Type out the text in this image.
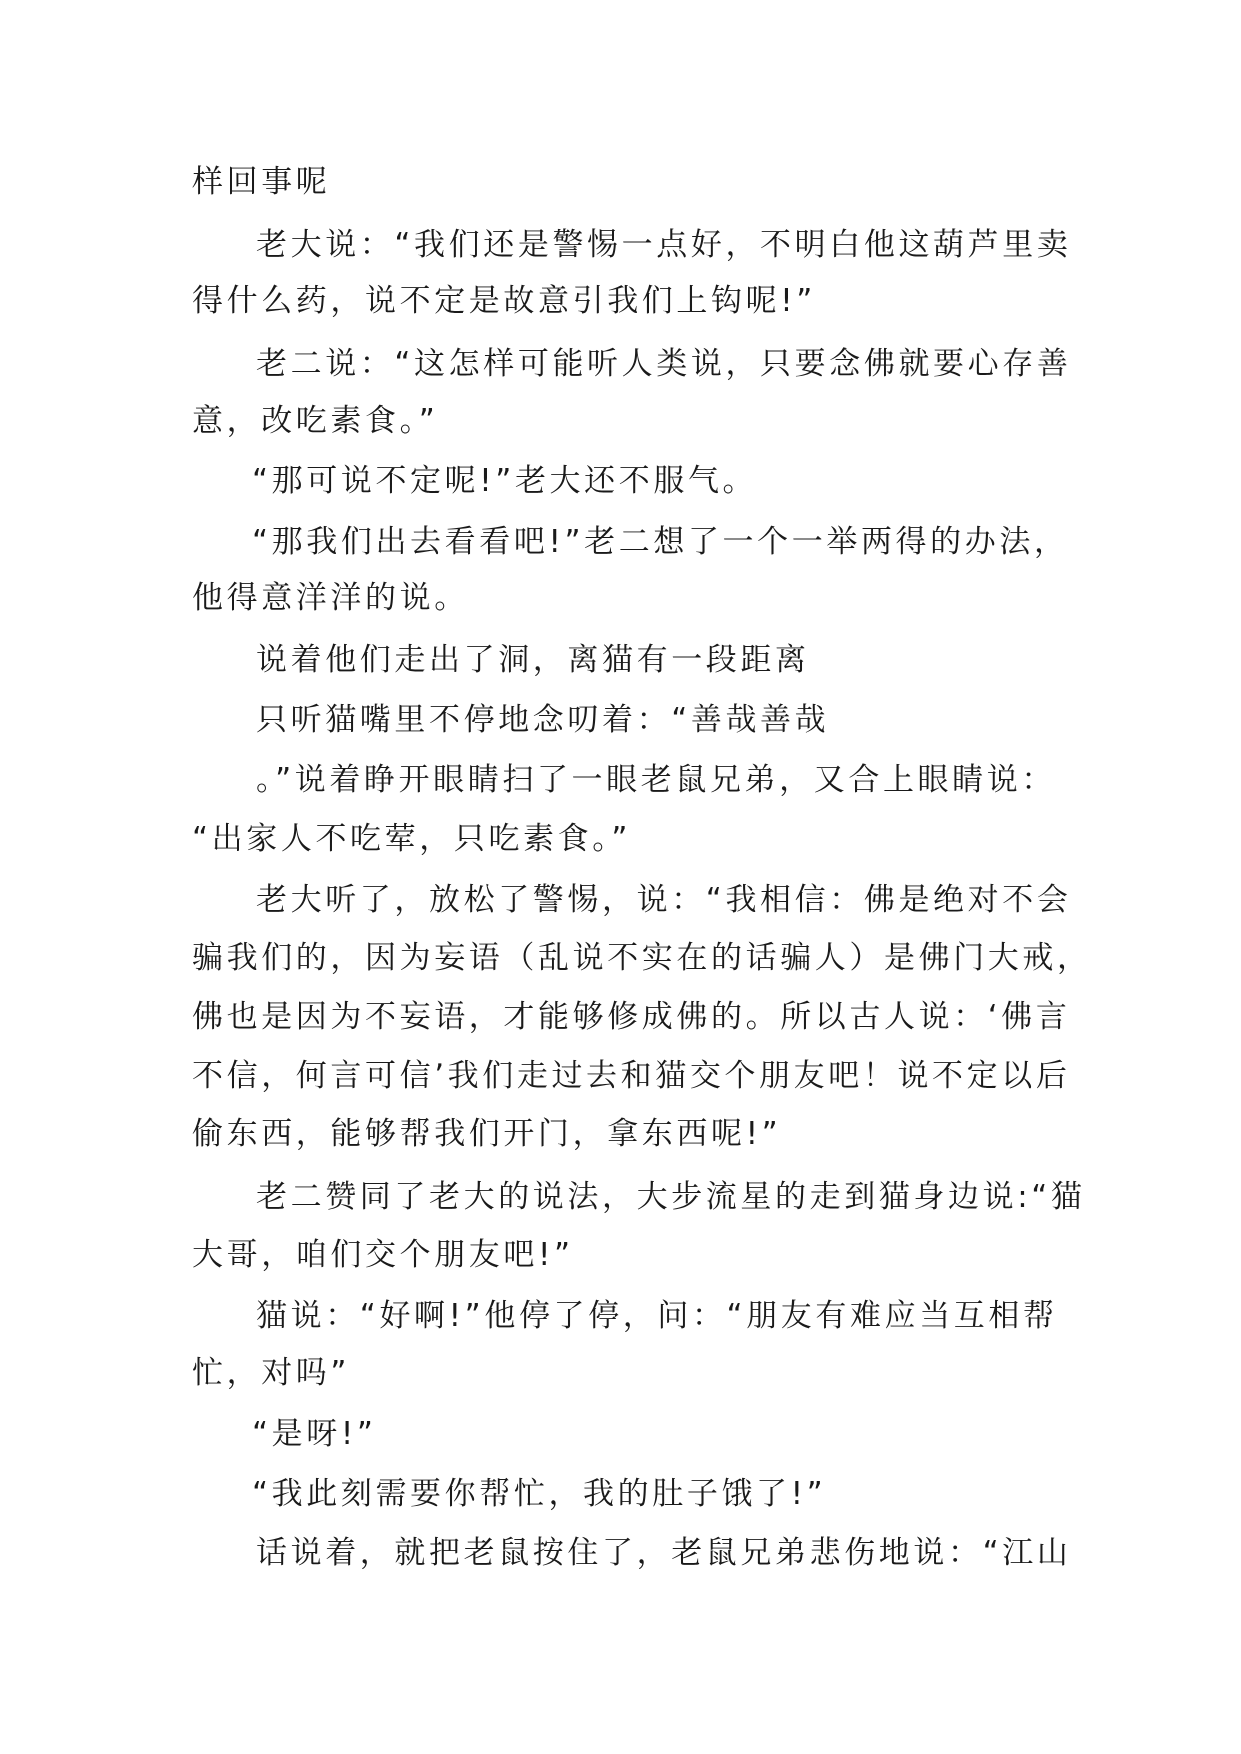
样回事呢
老大说：“我们还是警惕一点好，不明白他这葫芦里卖
得什么药，说不定是故意引我们上钩呢!”
老二说：“这怎样可能听人类说，只要念佛就要心存善
意，改吃素食。”
“那可说不定呢!”老大还不服气。
“那我们出去看看吧!”老二想了一个一举两得的办法，
他得意洋洋的说。
说着他们走出了洞，离猫有一段距离
只听猫嘴里不停地念叨着：“善哉善哉
。”说着睁开眼睛扫了一眼老鼠兄弟，又合上眼睛说：
“出家人不吃荤，只吃素食。”
老大听了，放松了警惕，说：“我相信：佛是绝对不会
骗我们的，因为妄语（乱说不实在的话骗人）是佛门大戒，
佛也是因为不妄语，才能够修成佛的。所以古人说：‘佛言
不信，何言可信’我们走过去和猫交个朋友吧！说不定以后
偷东西，能够帮我们开门，拿东西呢!”
老二赞同了老大的说法，大步流星的走到猫身边说:“猫
大哥，咱们交个朋友吧!”
猫说：“好啊!”他停了停，问：“朋友有难应当互相帮
忙，对吗”
“是呀!”
“我此刻需要你帮忙，我的肚子饿了!”
话说着，就把老鼠按住了，老鼠兄弟悲伤地说：“江山
